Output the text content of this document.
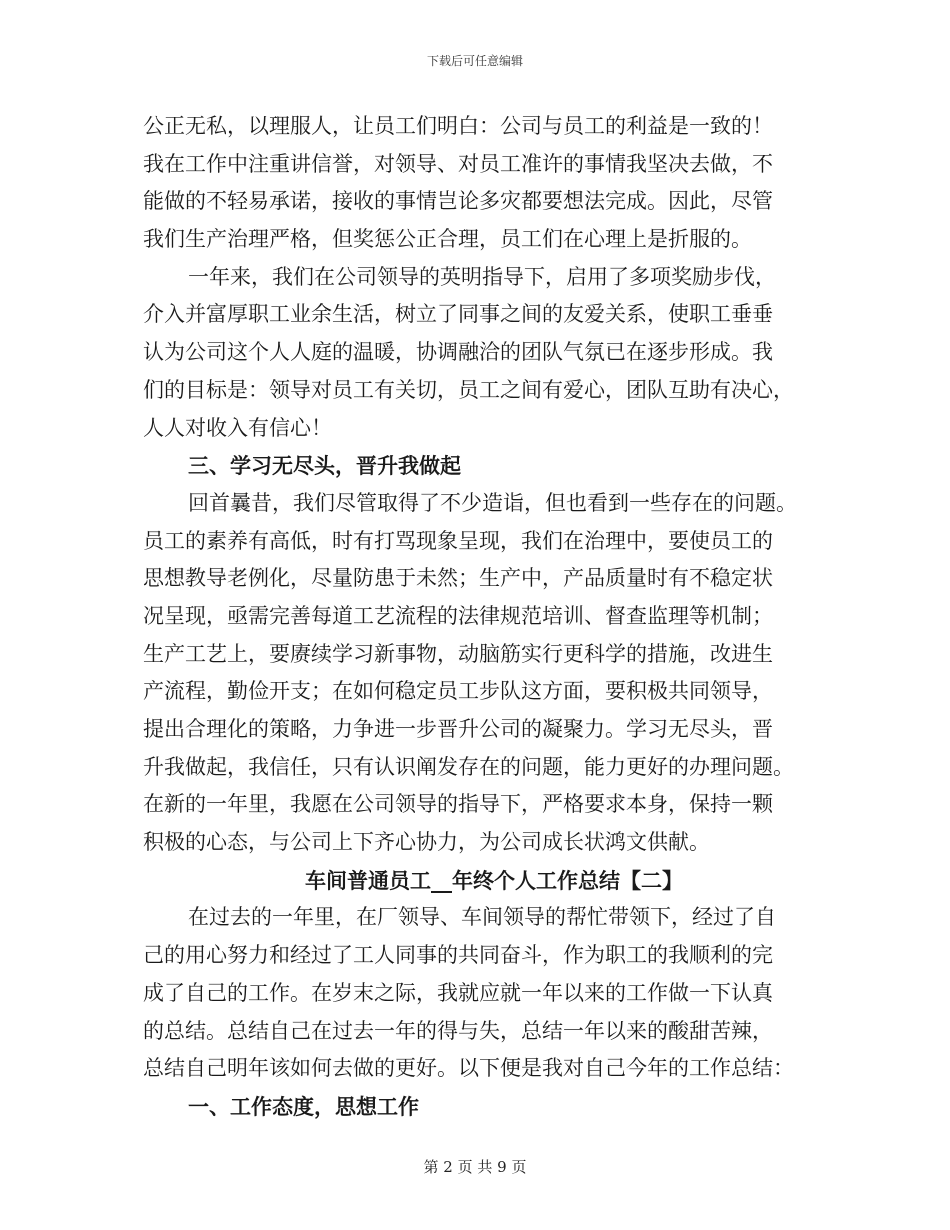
下载后可任意编辑
公正无私，以理服人，让员工们明白：公司与员工的利益是一致的！
我在工作中注重讲信誉，对领导、对员工准许的事情我坚决去做，不
能做的不轻易承诺，接收的事情岂论多灾都要想法完成。因此，尽管
我们生产治理严格，但奖惩公正合理，员工们在心理上是折服的。
一年来，我们在公司领导的英明指导下，启用了多项奖励步伐，
介入并富厚职工业余生活，树立了同事之间的友爱关系，使职工垂垂
认为公司这个人人庭的温暖，协调融洽的团队气氛已在逐步形成。我
们的目标是：领导对员工有关切，员工之间有爱心，团队互助有决心，
人人对收入有信心！
三、学习无尽头，晋升我做起
回首曩昔，我们尽管取得了不少造诣，但也看到一些存在的问题。
员工的素养有高低，时有打骂现象呈现，我们在治理中，要使员工的
思想教导老例化，尽量防患于未然；生产中，产品质量时有不稳定状
况呈现，亟需完善每道工艺流程的法律规范培训、督查监理等机制；
生产工艺上，要赓续学习新事物，动脑筋实行更科学的措施，改进生
产流程，勤俭开支；在如何稳定员工步队这方面，要积极共同领导，
提出合理化的策略，力争进一步晋升公司的凝聚力。学习无尽头，晋
升我做起，我信任，只有认识阐发存在的问题，能力更好的办理问题。
在新的一年里，我愿在公司领导的指导下，严格要求本身，保持一颗
积极的心态，与公司上下齐心协力，为公司成长状鸿文供献。
车间普通员工__年终个人工作总结【二】
在过去的一年里，在厂领导、车间领导的帮忙带领下，经过了自
己的用心努力和经过了工人同事的共同奋斗，作为职工的我顺利的完
成了自己的工作。在岁末之际，我就应就一年以来的工作做一下认真
的总结。总结自己在过去一年的得与失，总结一年以来的酸甜苦辣，
总结自己明年该如何去做的更好。以下便是我对自己今年的工作总结：
一、工作态度，思想工作
第 2 页 共 9 页
